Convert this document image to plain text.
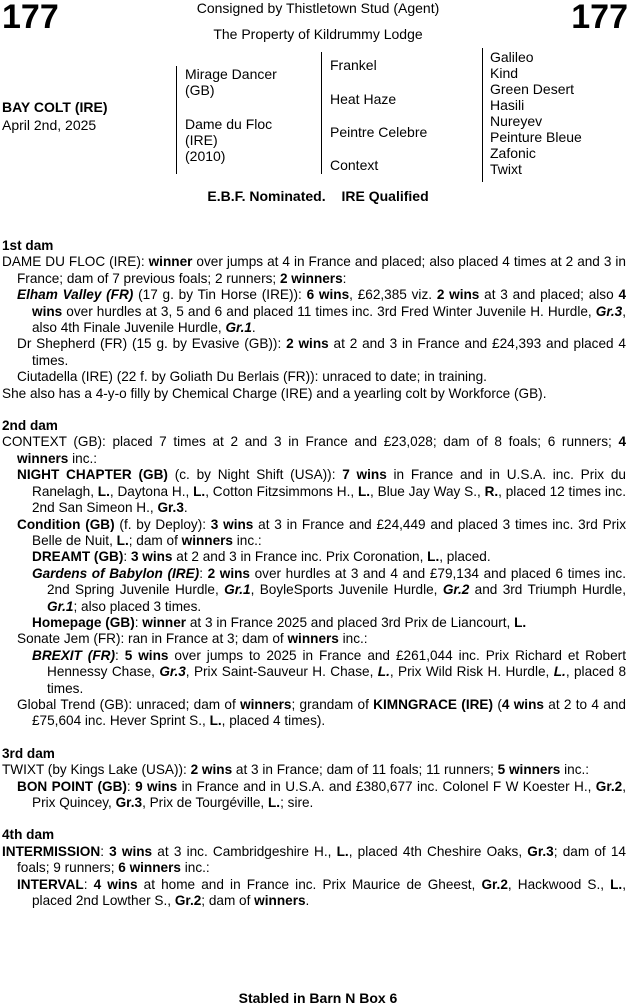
177	Consigned by Thistletown Stud (Agent)
The Property of Kildrummy Lodge	177
BAY COLT (IRE)
April 2nd, 2025
Mirage Dancer
(GB)
Dame du Floc
(IRE)
(2010)
Frankel
Heat Haze
Peintre Celebre
Context
Galileo
Kind
Green Desert
Hasili
Nureyev
Peinture Bleue
Zafonic
Twixt
E.B.F. Nominated. IRE Qualified

1st dam

DAME DU FLOC (IRE): winner over jumps at 4 in France and placed; also placed 4 times at 2 and 3 in France; dam of 7 previous foals; 2 runners; 2 winners:

Elham Valley (FR) (17 g. by Tin Horse (IRE)): 6 wins, £62,385 viz. 2 wins at 3 and placed; also 4 wins over hurdles at 3, 5 and 6 and placed 11 times inc. 3rd Fred Winter Juvenile H. Hurdle, Gr.3, also 4th Finale Juvenile Hurdle, Gr.1.

Dr Shepherd (FR) (15 g. by Evasive (GB)): 2 wins at 2 and 3 in France and £24,393 and placed 4 times.

Ciutadella (IRE) (22 f. by Goliath Du Berlais (FR)): unraced to date; in training.

She also has a 4-y-o filly by Chemical Charge (IRE) and a yearling colt by Workforce (GB).

2nd dam

CONTEXT (GB): placed 7 times at 2 and 3 in France and £23,028; dam of 8 foals; 6 runners; 4 winners inc.:

NIGHT CHAPTER (GB) (c. by Night Shift (USA)): 7 wins in France and in U.S.A. inc. Prix du Ranelagh, L., Daytona H., L., Cotton Fitzsimmons H., L., Blue Jay Way S., R., placed 12 times inc. 2nd San Simeon H., Gr.3.

Condition (GB) (f. by Deploy): 3 wins at 3 in France and £24,449 and placed 3 times inc. 3rd Prix Belle de Nuit, L.; dam of winners inc.:

DREAMT (GB): 3 wins at 2 and 3 in France inc. Prix Coronation, L., placed.

Gardens of Babylon (IRE): 2 wins over hurdles at 3 and 4 and £79,134 and placed 6 times inc. 2nd Spring Juvenile Hurdle, Gr.1, BoyleSports Juvenile Hurdle, Gr.2 and 3rd Triumph Hurdle, Gr.1; also placed 3 times.

Homepage (GB): winner at 3 in France 2025 and placed 3rd Prix de Liancourt, L.

Sonate Jem (FR): ran in France at 3; dam of winners inc.:

BREXIT (FR): 5 wins over jumps to 2025 in France and £261,044 inc. Prix Richard et Robert Hennessy Chase, Gr.3, Prix Saint-Sauveur H. Chase, L., Prix Wild Risk H. Hurdle, L., placed 8 times.

Global Trend (GB): unraced; dam of winners; grandam of KIMNGRACE (IRE) (4 wins at 2 to 4 and £75,604 inc. Hever Sprint S., L., placed 4 times).

3rd dam

TWIXT (by Kings Lake (USA)): 2 wins at 3 in France; dam of 11 foals; 11 runners; 5 winners inc.:

BON POINT (GB): 9 wins in France and in U.S.A. and £380,677 inc. Colonel F W Koester H., Gr.2, Prix Quincey, Gr.3, Prix de Tourgéville, L.; sire.

4th dam

INTERMISSION: 3 wins at 3 inc. Cambridgeshire H., L., placed 4th Cheshire Oaks, Gr.3; dam of 14 foals; 9 runners; 6 winners inc.:

INTERVAL: 4 wins at home and in France inc. Prix Maurice de Gheest, Gr.2, Hackwood S., L., placed 2nd Lowther S., Gr.2; dam of winners.

Stabled in Barn N Box 6
